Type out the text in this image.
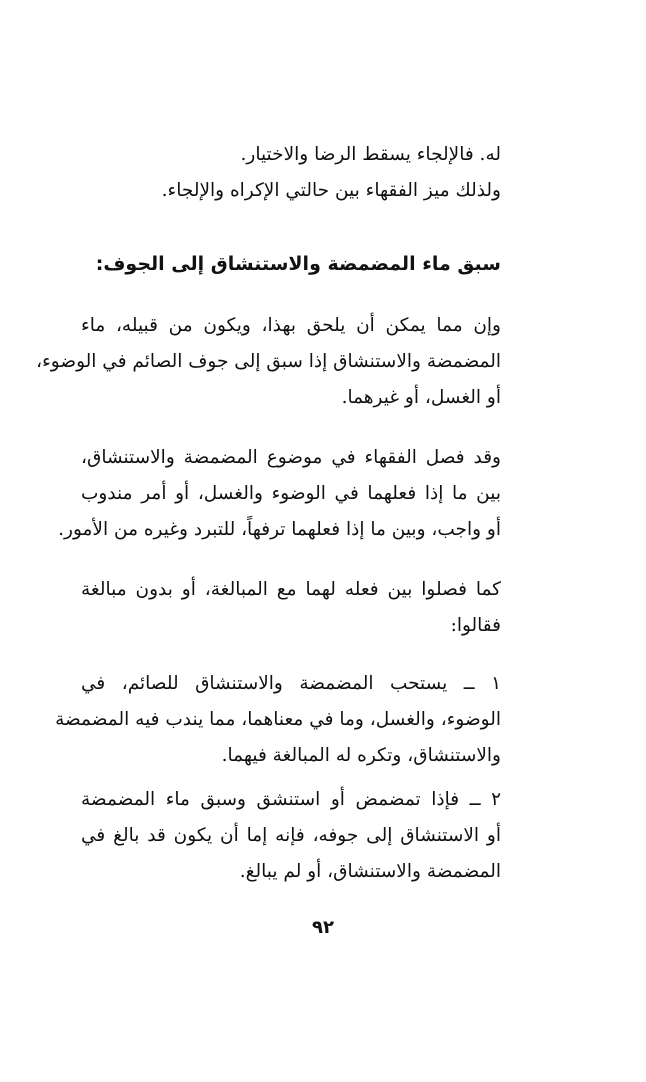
له. فالإلجاء يسقط الرضا والاختيار.
ولذلك ميز الفقهاء بين حالتي الإكراه والإلجاء.
سبق ماء المضمضة والاستنشاق إلى الجوف:
وإن مما يمكن أن يلحق بهذا، ويكون من قبيله، ماء
المضمضة والاستنشاق إذا سبق إلى جوف الصائم في الوضوء،
أو الغسل، أو غيرهما.
وقد فصل الفقهاء في موضوع المضمضة والاستنشاق،
بين ما إذا فعلهما في الوضوء والغسل، أو أمر مندوب
أو واجب، وبين ما إذا فعلهما ترفهاً، للتبرد وغيره من الأمور.
كما فصلوا بين فعله لهما مع المبالغة، أو بدون مبالغة
فقالوا:
١ ــ يستحب المضمضة والاستنشاق للصائم، في
الوضوء، والغسل، وما في معناهما، مما يندب فيه المضمضة
والاستنشاق، وتكره له المبالغة فيهما.
٢ ــ فإذا تمضمض أو استنشق وسبق ماء المضمضة
أو الاستنشاق إلى جوفه، فإنه إما أن يكون قد بالغ في
المضمضة والاستنشاق، أو لم يبالغ.
٩٢
